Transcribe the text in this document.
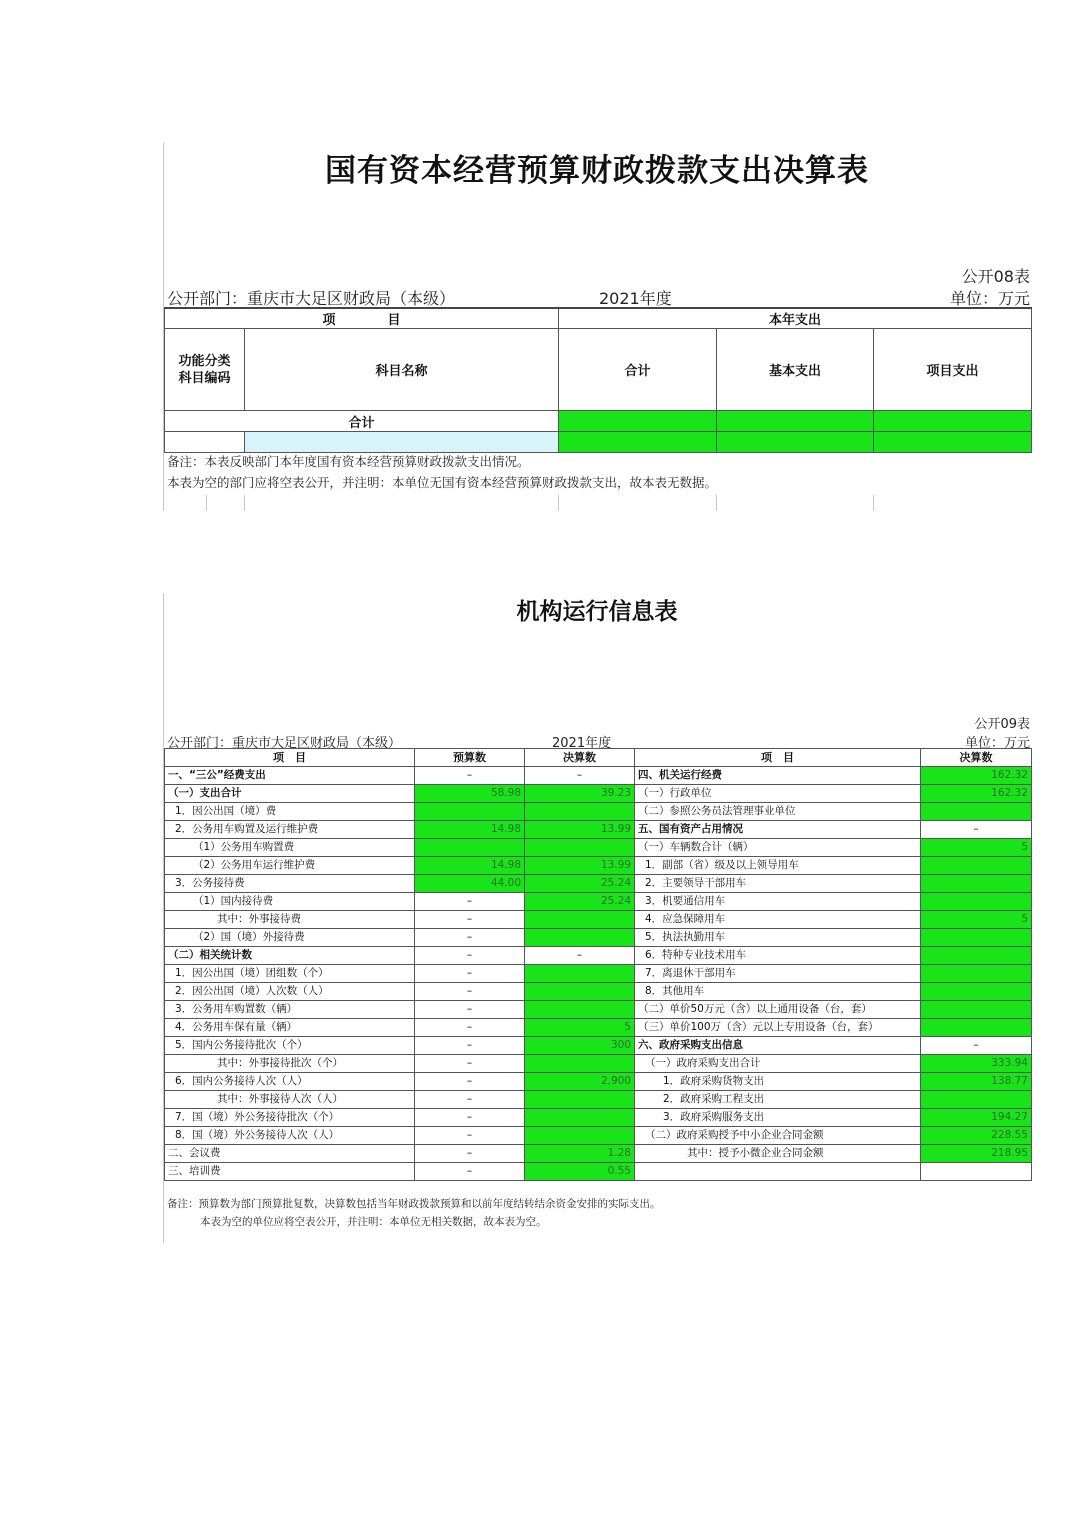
国有资本经营预算财政拨款支出决算表
公开08表
公开部门：重庆市大足区财政局（本级）	2021年度	单位：万元
项　　　　目		本年支出		
功能分类
科目编码	科目名称	合计	基本支出	项目支出
合计				

备注：本表反映部门本年度国有资本经营预算财政拨款支出情况。
本表为空的部门应将空表公开，并注明：本单位无国有资本经营预算财政拨款支出，故本表无数据。
机构运行信息表
公开09表
公开部门：重庆市大足区财政局（本级）	2021年度	单位：万元
项　目	预算数	决算数	项　目	决算数
一、“三公”经费支出	–	–	四、机关运行经费	162.32
（一）支出合计	58.98	39.23	（一）行政单位	162.32
1．因公出国（境）费			（二）参照公务员法管理事业单位	
2．公务用车购置及运行维护费	14.98	13.99	五、国有资产占用情况	–
（1）公务用车购置费			（一）车辆数合计（辆）	5
（2）公务用车运行维护费	14.98	13.99	1．副部（省）级及以上领导用车	
3．公务接待费	44.00	25.24	2．主要领导干部用车	
（1）国内接待费	–	25.24	3．机要通信用车	
其中：外事接待费	–		4．应急保障用车	5
（2）国（境）外接待费	–		5．执法执勤用车	
（二）相关统计数	–	–	6．特种专业技术用车	
1．因公出国（境）团组数（个）	–		7．离退休干部用车	
2．因公出国（境）人次数（人）	–		8．其他用车	
3．公务用车购置数（辆）	–		（二）单价50万元（含）以上通用设备（台，套）	
4．公务用车保有量（辆）	–	5	（三）单价100万（含）元以上专用设备（台，套）	
5．国内公务接待批次（个）	–	300	六、政府采购支出信息	–
其中：外事接待批次（个）	–		（一）政府采购支出合计	333.94
6．国内公务接待人次（人）	–	2,900	1．政府采购货物支出	138.77
其中：外事接待人次（人）	–		2．政府采购工程支出	
7．国（境）外公务接待批次（个）	–		3．政府采购服务支出	194.27
8．国（境）外公务接待人次（人）	–		（二）政府采购授予中小企业合同金额	228.55
二、会议费	–	1.28	其中：授予小微企业合同金额	218.95
三、培训费	–	0.55		
备注：预算数为部门预算批复数，决算数包括当年财政拨款预算和以前年度结转结余资金安排的实际支出。
本表为空的单位应将空表公开，并注明：本单位无相关数据，故本表为空。
